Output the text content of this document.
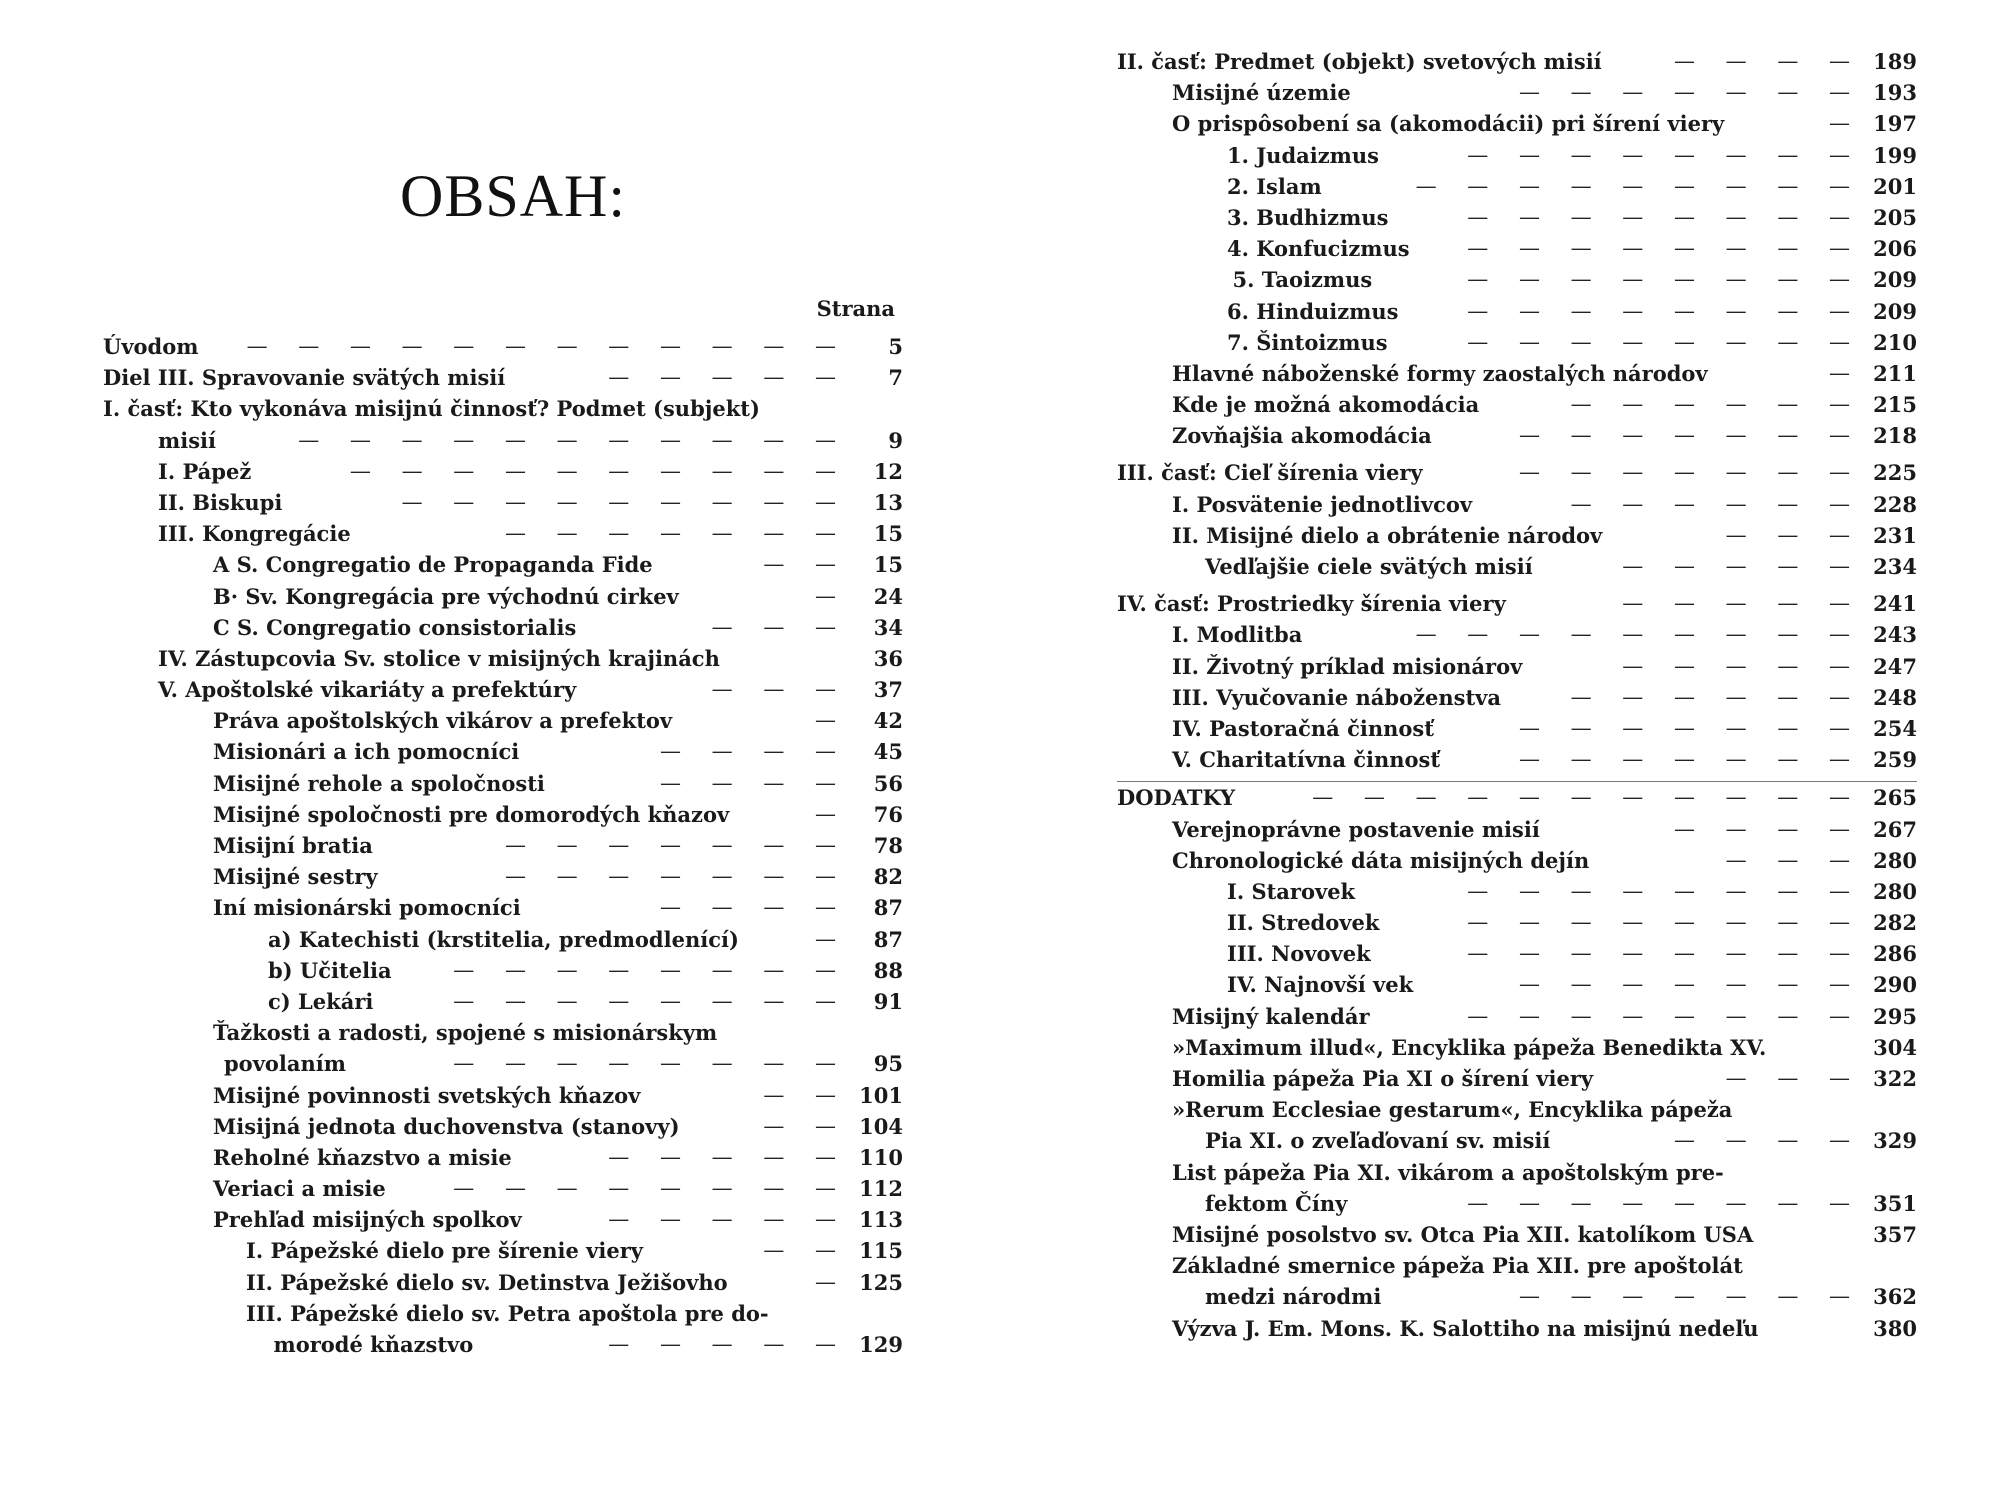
OBSAH:
Strana
Úvodom — — — — — — — — — — — —	5
Diel III. Spravovanie svätých misií	— — — — —	7
I. časť: Kto vykonáva misijnú činnosť? Podmet (subjekt)
misií	— — — — — — — — — — —	9
I. Pápež	— — — — — — — — — —	12
II. Biskupi	— — — — — — — — —	13
III. Kongregácie	— — — — — — —	15
A S. Congregatio de Propaganda Fide	— —	15
B· Sv. Kongregácia pre východnú cirkev	—	24
C S. Congregatio consistorialis	— — —	34
IV. Zástupcovia Sv. stolice v misijných krajinách	36
V. Apoštolské vikariáty a prefektúry	— — —	37
Práva apoštolských vikárov a prefektov	—	42
Misionári a ich pomocníci	— — — —	45
Misijné rehole a spoločnosti	— — — —	56
Misijné spoločnosti pre domorodých kňazov	—	76
Misijní bratia	— — — — — — —	78
Misijné sestry	— — — — — — —	82
Iní misionárski pomocníci	— — — —	87
a) Katechisti (krstitelia, predmodlenící)	—	87
b) Učitelia	— — — — — — — —	88
c) Lekári	— — — — — — — —	91
Ťažkosti a radosti, spojené s misionárskym
povolaním	— — — — — — — —	95
Misijné povinnosti svetských kňazov	— — 101
Misijná jednota duchovenstva (stanovy)	— — 104
Reholné kňazstvo a misie	— — — — — 110
Veriaci a misie	— — — — — — — — 112
Prehľad misijných spolkov	— — — — — 113
I. Pápežské dielo pre šírenie viery	— — 115
II. Pápežské dielo sv. Detinstva Ježišovho	— 125
III. Pápežské dielo sv. Petra apoštola pre do-
morodé kňazstvo	— — — — — 129
II. časť: Predmet (objekt) svetových misií	— — — — 189
Misijné územie	— — — — — — — 193
O prispôsobení sa (akomodácii) pri šírení viery	— 197
1. Judaizmus	— — — — — — — — 199
2. Islam	— — — — — — — — — 201
3. Budhizmus	— — — — — — — — 205
4. Konfucizmus	— — — — — — — — 206
5. Taoizmus	— — — — — — — — 209
6. Hinduizmus	— — — — — — — — 209
7. Šintoizmus	— — — — — — — — 210
Hlavné náboženské formy zaostalých národov	— 211
Kde je možná akomodácia	— — — — — — 215
Zovňajšia akomodácia	— — — — — — — 218
III. časť: Cieľ šírenia viery	— — — — — — — 225
I. Posvätenie jednotlivcov	— — — — — — 228
II. Misijné dielo a obrátenie národov	— — — 231
Vedľajšie ciele svätých misií	— — — — — 234
IV. časť: Prostriedky šírenia viery	— — — — — 241
I. Modlitba	— — — — — — — — — 243
II. Životný príklad misionárov	— — — — — 247
III. Vyučovanie náboženstva	— — — — — — 248
IV. Pastoračná činnosť	— — — — — — — 254
V. Charitatívna činnosť	— — — — — — — 259
DODATKY	— — — — — — — — — — — 265
Verejnoprávne postavenie misií	— — — — 267
Chronologické dáta misijných dejín	— — — 280
I. Starovek	— — — — — — — — 280
II. Stredovek	— — — — — — — — 282
III. Novovek	— — — — — — — — 286
IV. Najnovší vek	— — — — — — — 290
Misijný kalendár	— — — — — — — — 295
»Maximum illud«, Encyklika pápeža Benedikta XV.	304
Homilia pápeža Pia XI o šírení viery	— — — 322
»Rerum Ecclesiae gestarum«, Encyklika pápeža
Pia XI. o zveľaďovaní sv. misií	— — — — 329
List pápeža Pia XI. vikárom a apoštolským pre-
fektom Číny	— — — — — — — — 351
Misijné posolstvo sv. Otca Pia XII. katolíkom USA	357
Základné smernice pápeža Pia XII. pre apoštolát
medzi národmi	— — — — — — — 362
Výzva J. Em. Mons. K. Salottiho na misijnú nedeľu	380
